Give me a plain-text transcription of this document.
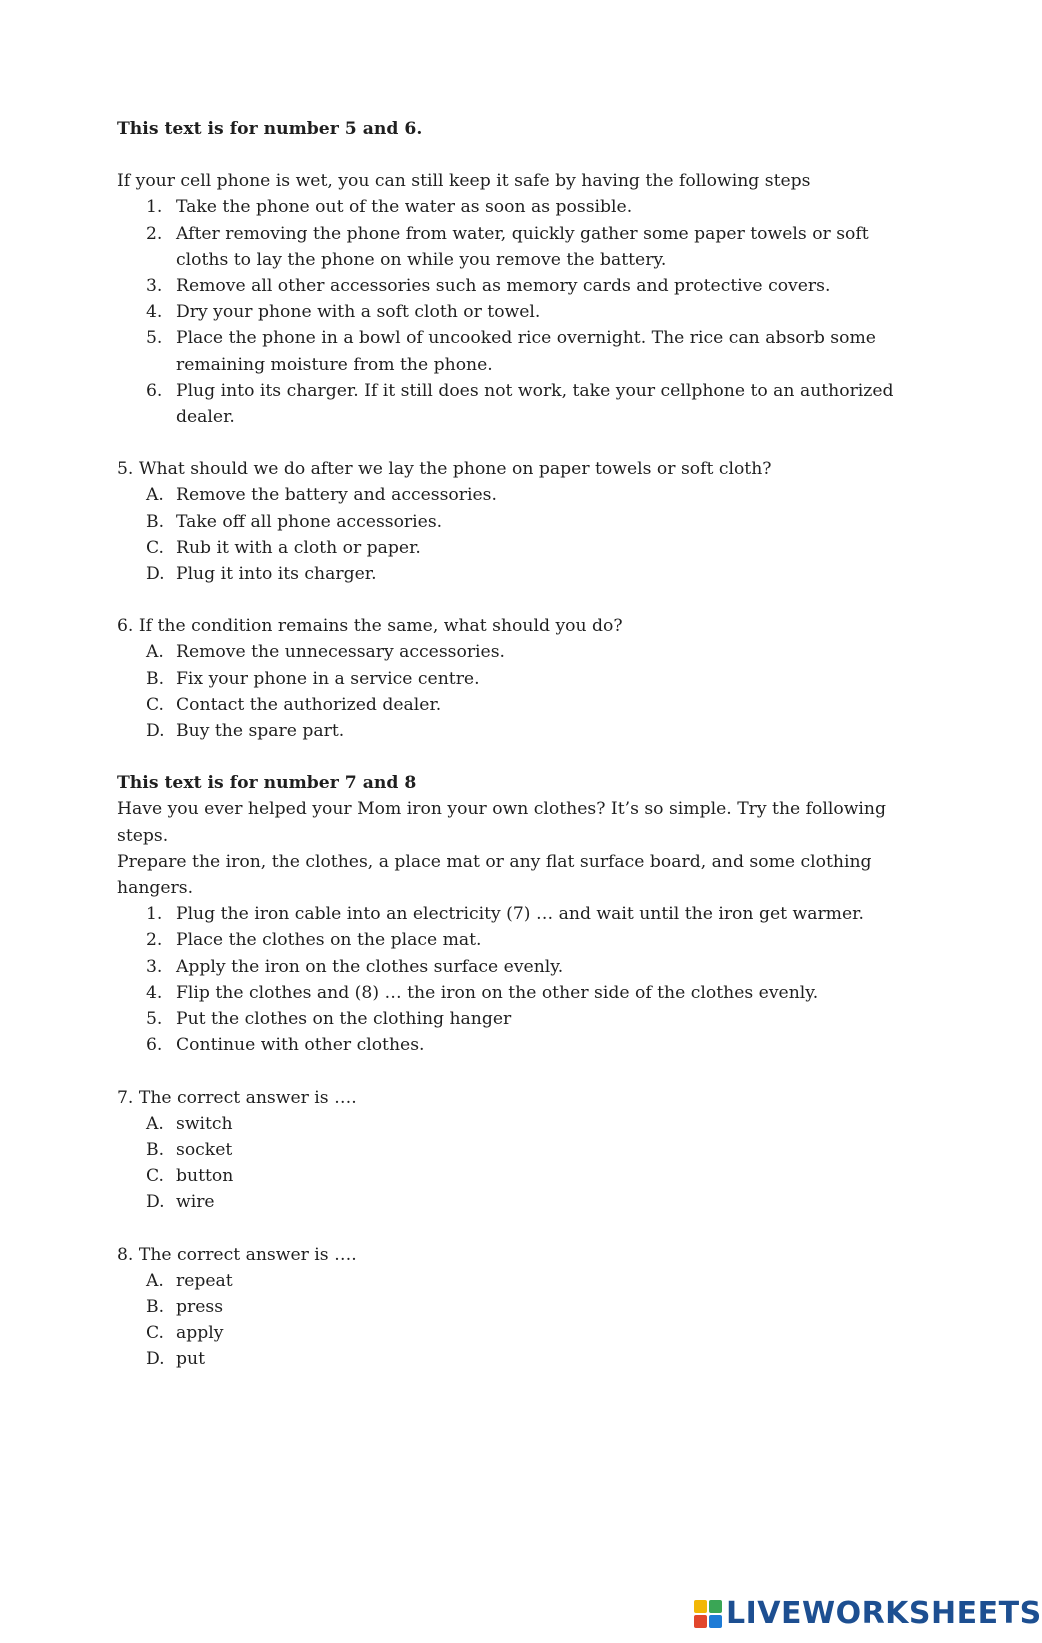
This text is for number 5 and 6.

If your cell phone is wet, you can still keep it safe by having the following steps

1. Take the phone out of the water as soon as possible.
2. After removing the phone from water, quickly gather some paper towels or soft cloths to lay the phone on while you remove the battery.
3. Remove all other accessories such as memory cards and protective covers.
4. Dry your phone with a soft cloth or towel.
5. Place the phone in a bowl of uncooked rice overnight. The rice can absorb some remaining moisture from the phone.
6. Plug into its charger. If it still does not work, take your cellphone to an authorized dealer.

5. What should we do after we lay the phone on paper towels or soft cloth?

A. Remove the battery and accessories.
B. Take off all phone accessories.
C. Rub it with a cloth or paper.
D. Plug it into its charger.

6. If the condition remains the same, what should you do?

A. Remove the unnecessary accessories.
B. Fix your phone in a service centre.
C. Contact the authorized dealer.
D. Buy the spare part.

This text is for number 7 and 8

Have you ever helped your Mom iron your own clothes? It’s so simple. Try the following steps.

Prepare the iron, the clothes, a place mat or any flat surface board, and some clothing hangers.

1. Plug the iron cable into an electricity (7) … and wait until the iron get warmer.
2. Place the clothes on the place mat.
3. Apply the iron on the clothes surface evenly.
4. Flip the clothes and (8) … the iron on the other side of the clothes evenly.
5. Put the clothes on the clothing hanger
6. Continue with other clothes.

7. The correct answer is ….

A. switch
B. socket
C. button
D. wire

8. The correct answer is ….

A. repeat
B. press
C. apply
D. put
LIVEWORKSHEETS
